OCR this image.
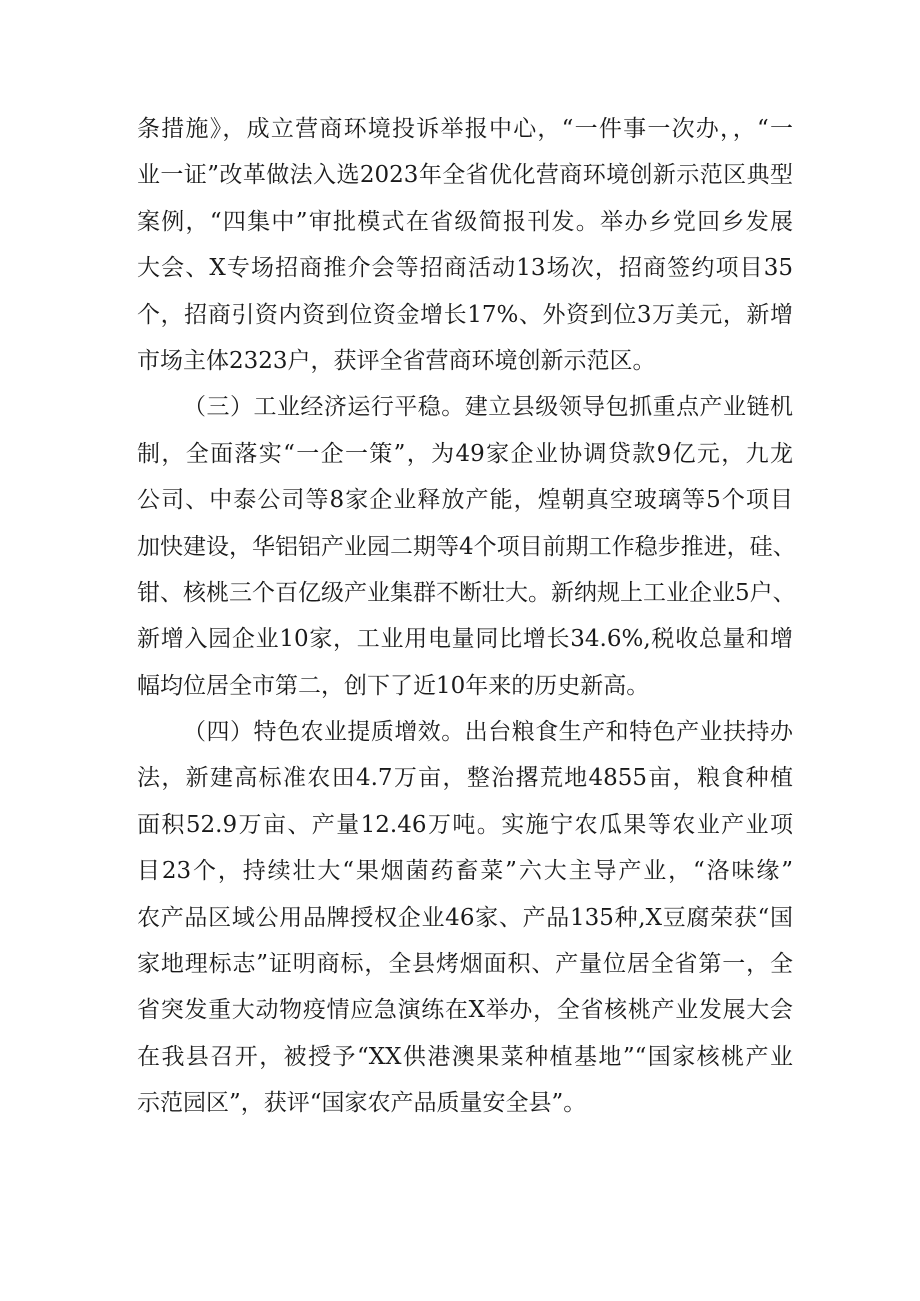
条措施》，成立营商环境投诉举报中心，“一件事一次办，，“一
业一证”改革做法入选2023年全省优化营商环境创新示范区典型
案例，“四集中”审批模式在省级简报刊发。举办乡党回乡发展
大会、X专场招商推介会等招商活动13场次，招商签约项目35
个，招商引资内资到位资金增长17%、外资到位3万美元，新增
市场主体2323户，获评全省营商环境创新示范区。
（三）工业经济运行平稳。建立县级领导包抓重点产业链机
制，全面落实“一企一策”，为49家企业协调贷款9亿元，九龙
公司、中泰公司等8家企业释放产能，煌朝真空玻璃等5个项目
加快建设，华铝铝产业园二期等4个项目前期工作稳步推进，硅、
钳、核桃三个百亿级产业集群不断壮大。新纳规上工业企业5户、
新增入园企业10家，工业用电量同比增长34.6%,税收总量和增
幅均位居全市第二，创下了近10年来的历史新高。
（四）特色农业提质增效。出台粮食生产和特色产业扶持办
法，新建高标准农田4.7万亩，整治撂荒地4855亩，粮食种植
面积52.9万亩、产量12.46万吨。实施宁农瓜果等农业产业项
目23个，持续壮大“果烟菌药畜菜”六大主导产业，“洛味缘”
农产品区域公用品牌授权企业46家、产品135种,X豆腐荣获“国
家地理标志”证明商标，全县烤烟面积、产量位居全省第一，全
省突发重大动物疫情应急演练在X举办，全省核桃产业发展大会
在我县召开，被授予“XX供港澳果菜种植基地”“国家核桃产业
示范园区”，获评“国家农产品质量安全县”。
